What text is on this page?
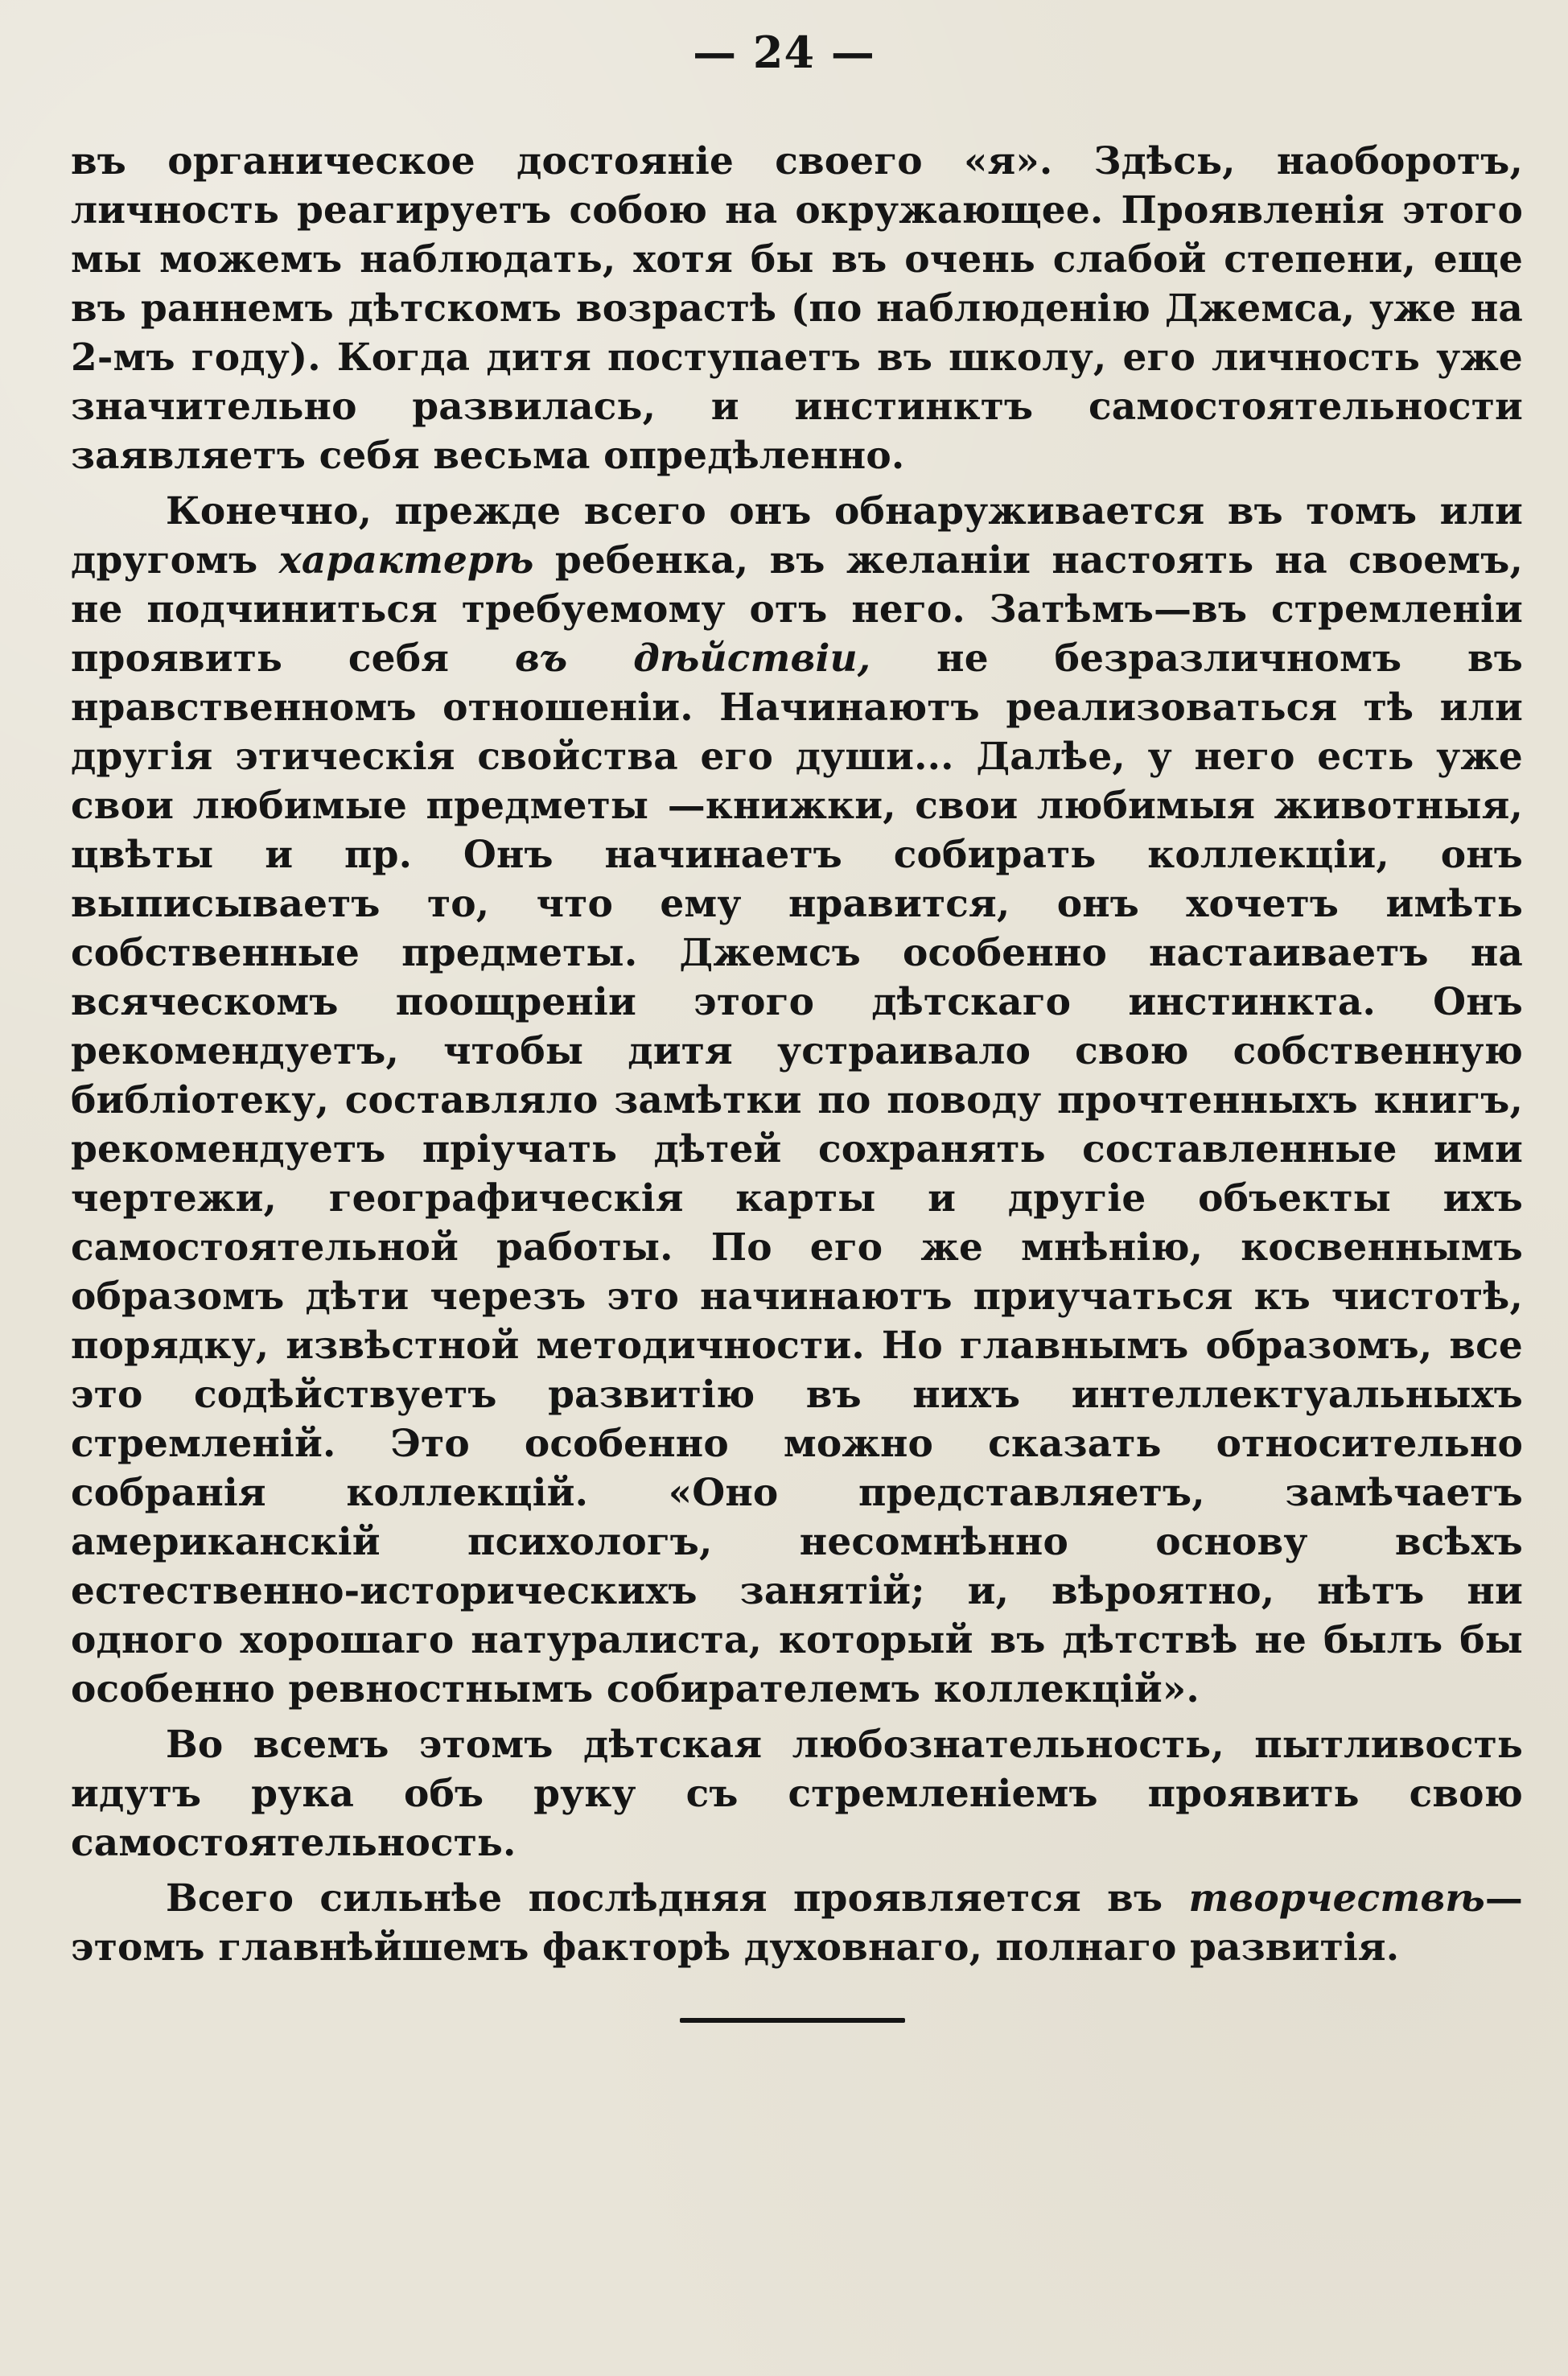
— 24 —

въ органическое достоянiе своего «я». Здѣсь, наоборотъ, личность реагируетъ собою на окружающее. Проявленiя этого мы можемъ наблюдать, хотя бы въ очень слабой степени, еще въ раннемъ дѣтскомъ возрастѣ (по наблюденiю Джемса, уже на 2-мъ году). Когда дитя поступаетъ въ школу, его личность уже значительно развилась, и инстинктъ самостоятельности заявляетъ себя весьма опредѣленно.

Конечно, прежде всего онъ обнаруживается въ томъ или другомъ характерѣ ребенка, въ желанiи настоять на своемъ, не подчиниться требуемому отъ него. Затѣмъ—въ стремленiи проявить себя въ дѣйствiи, не безразличномъ въ нравственномъ отношенiи. Начинаютъ реализоваться тѣ или другiя этическiя свойства его души... Далѣе, у него есть уже свои любимые предметы —книжки, свои любимыя животныя, цвѣты и пр. Онъ начинаетъ собирать коллекцiи, онъ выписываетъ то, что ему нравится, онъ хочетъ имѣть собственные предметы. Джемсъ особенно настаиваетъ на всяческомъ поощренiи этого дѣтскаго инстинкта. Онъ рекомендуетъ, чтобы дитя устраивало свою собственную библiотеку, составляло замѣтки по поводу прочтенныхъ книгъ, рекомендуетъ прiучать дѣтей сохранять составленные ими чертежи, географическiя карты и другiе объекты ихъ самостоятельной работы. По его же мнѣнiю, косвеннымъ образомъ дѣти черезъ это начинаютъ приучаться къ чистотѣ, порядку, извѣстной методичности. Но главнымъ образомъ, все это содѣйствуетъ развитiю въ нихъ интеллектуальныхъ стремленiй. Это особенно можно сказать относительно собранiя коллекцiй. «Оно представляетъ, замѣчаетъ американскiй психологъ, несомнѣнно основу всѣхъ естественно-историческихъ занятiй; и, вѣроятно, нѣтъ ни одного хорошаго натуралиста, который въ дѣтствѣ не былъ бы особенно ревностнымъ собирателемъ коллекцiй».

Во всемъ этомъ дѣтская любознательность, пытливость идутъ рука объ руку съ стремленiемъ проявить свою самостоятельность.

Всего сильнѣе послѣдняя проявляется въ творчествѣ—этомъ главнѣйшемъ факторѣ духовнаго, полнаго развитiя.
